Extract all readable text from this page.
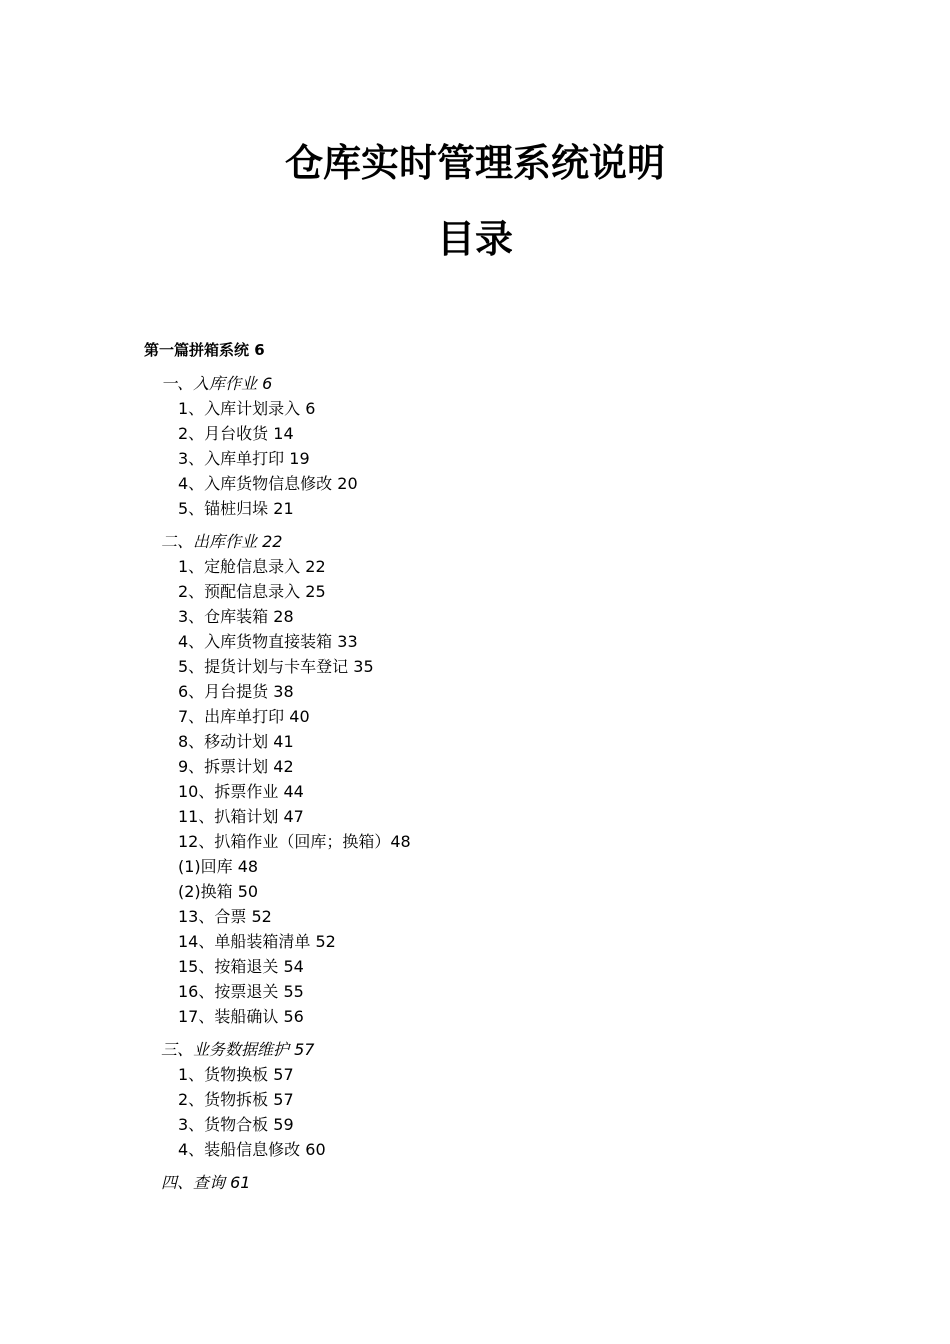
仓库实时管理系统说明
目录
第一篇拼箱系统 6
一、入库作业 6
1、入库计划录入 6
2、月台收货 14
3、入库单打印 19
4、入库货物信息修改 20
5、锚桩归垛 21
二、出库作业 22
1、定舱信息录入 22
2、预配信息录入 25
3、仓库装箱 28
4、入库货物直接装箱 33
5、提货计划与卡车登记 35
6、月台提货 38
7、出库单打印 40
8、移动计划 41
9、拆票计划 42
10、拆票作业 44
11、扒箱计划 47
12、扒箱作业（回库；换箱）48
(1)回库 48
(2)换箱 50
13、合票 52
14、单船装箱清单 52
15、按箱退关 54
16、按票退关 55
17、装船确认 56
三、业务数据维护 57
1、货物换板 57
2、货物拆板 57
3、货物合板 59
4、装船信息修改 60
四、查询 61
